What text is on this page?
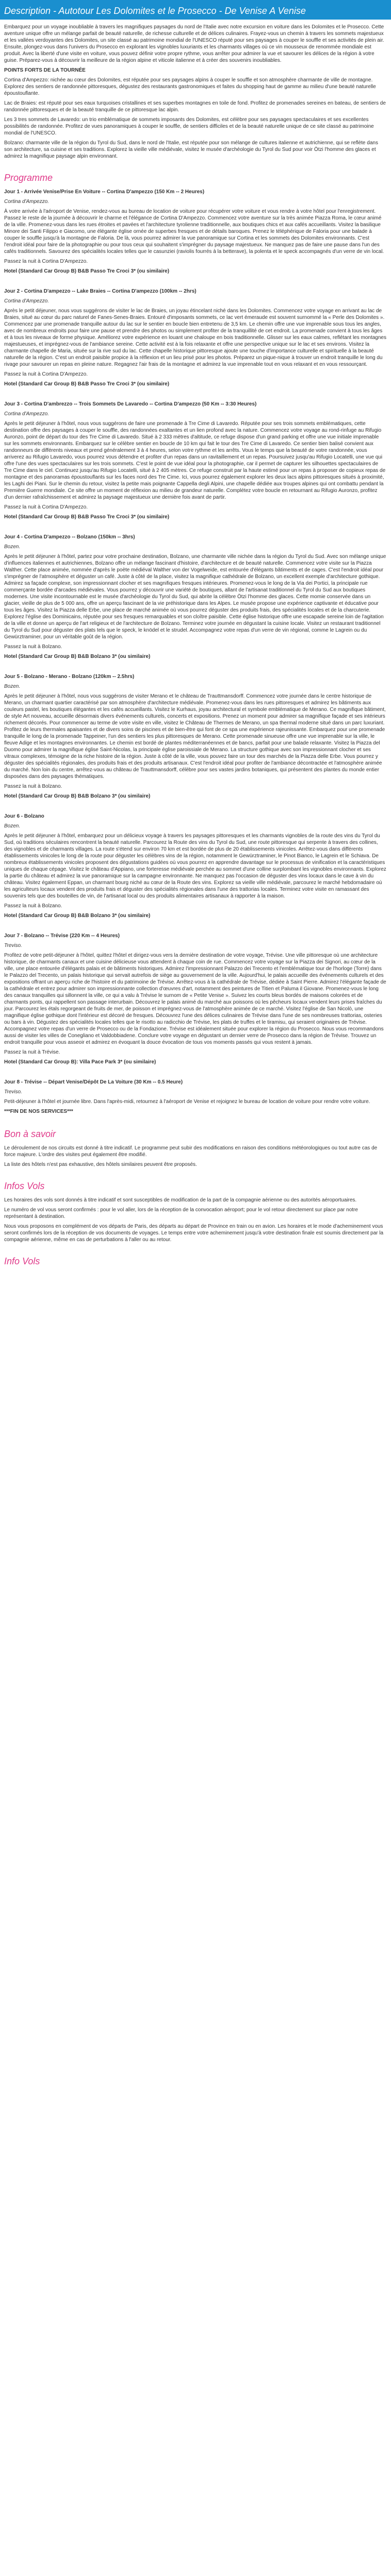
Description - Autotour Les Dolomites et le Prosecco - De Venise A Venise

Embarquez pour un voyage inoubliable à travers les magnifiques paysages du nord de l'Italie avec notre excursion en voiture dans les Dolomites et le Prosecco. Cette aventure unique offre un mélange parfait de beauté naturelle, de richesse culturelle et de délices culinaires. Frayez-vous un chemin à travers les sommets majestueux et les vallées verdoyantes des Dolomites, un site classé au patrimoine mondial de l'UNESCO réputé pour ses paysages à couper le souffle et ses activités de plein air. Ensuite, plongez-vous dans l'univers du Prosecco en explorant les vignobles luxuriants et les charmants villages où ce vin mousseux de renommée mondiale est produit. Avec la liberté d'une visite en voiture, vous pouvez définir votre propre rythme, vous arrêter pour admirer la vue et savourer les délices de la région à votre guise. Préparez-vous à découvrir la meilleure de la région alpine et viticole italienne et à créer des souvenirs inoubliables.

POINTS FORTS DE LA TOURNÉE

Cortina d'Ampezzo: nichée au cœur des Dolomites, est réputée pour ses paysages alpins à couper le souffle et son atmosphère charmante de ville de montagne. Explorez des sentiers de randonnée pittoresques, dégustez des restaurants gastronomiques et faites du shopping haut de gamme au milieu d'une beauté naturelle époustouflante.

Lac de Braies: est réputé pour ses eaux turquoises cristallines et ses superbes montagnes en toile de fond. Profitez de promenades sereines en bateau, de sentiers de randonnée pittoresques et de la beauté tranquille de ce pittoresque lac alpin.

Les 3 tres sommets de Lavaredo: un trio emblématique de sommets imposants des Dolomites, est célèbre pour ses paysages spectaculaires et ses excellentes possibilités de randonnée. Profitez de vues panoramiques à couper le souffle, de sentiers difficiles et de la beauté naturelle unique de ce site classé au patrimoine mondial de l'UNESCO.

Bolzano: charmante ville de la région du Tyrol du Sud, dans le nord de l'Italie, est réputée pour son mélange de cultures italienne et autrichienne, qui se reflète dans son architecture, sa cuisine et ses traditions. Explorez la vieille ville médiévale, visitez le musée d'archéologie du Tyrol du Sud pour voir Ötzi l'homme des glaces et admirez la magnifique paysage alpin environnant.

Programme

Jour 1 - Arrivée Venise/Prise En Voiture -- Cortina D'ampezzo (150 Km -- 2 Heures)

Cortina d'Ampezzo.

À votre arrivée à l'aéroport de Venise, rendez-vous au bureau de location de voiture pour récupérer votre voiture et vous rendre à votre hôtel pour l'enregistrement. Passez le reste de la journée à découvrir le charme et l'élégance de Cortina D'Ampezzo. Commencez votre aventure sur la très animée Piazza Roma, le cœur animé de la ville. Promenez-vous dans les rues étroites et pavées et l'architecture tyrolienne traditionnelle, aux boutiques chics et aux cafés accueillants. Visitez la basilique Minore dei Santi Filippo e Giacomo, une élégante église ornée de superbes fresques et de détails baroques. Prenez le téléphérique de Faloria pour une balade à couper le souffle jusqu'à la montagne de Faloria. De là, vous pourrez admirer la vue panoramique sur Cortina et les sommets des Dolomites environnants. C'est l'endroit idéal pour faire de la photographie ou pour tous ceux qui souhaitent s'imprégner du paysage majestueux. Ne manquez pas de faire une pause dans l'un des cafés traditionnels. Savourez des spécialités locales telles que le casunziei (raviolis fourrés à la betterave), la polenta et le speck accompagnés d'un verre de vin local.

Passez la nuit à Cortina D'Ampezzo.

Hotel (Standard Car Group B) B&B Passo Tre Croci 3* (ou similaire)

Jour 2 - Cortina D'ampezzo -- Lake Braies -- Cortina D'ampezzo (100km -- 2hrs)

Cortina d'Ampezzo.

Après le petit déjeuner, nous vous suggérons de visiter le lac de Braies, un joyau étincelant niché dans les Dolomites. Commencez votre voyage en arrivant au lac de Braies, situé au cœur du parc naturel de Fanes-Senes-Braies. Entouré d'imposants sommets, ce lac vert émeraude est souvent surnommé la « Perle des Dolomites ». Commencez par une promenade tranquille autour du lac sur le sentier en boucle bien entretenu de 3,5 km. Le chemin offre une vue imprenable sous tous les angles, avec de nombreux endroits pour faire une pause et prendre des photos ou simplement profiter de la tranquillité de cet endroit. La promenade convient à tous les âges et à tous les niveaux de forme physique. Améliorez votre expérience en louant une chaloupe en bois traditionnelle. Glisser sur les eaux calmes, reflétant les montagnes majestueuses, et imprégnez-vous de l'ambiance sereine. Cette activité est à la fois relaxante et offre une perspective unique sur le lac et ses environs. Visitez la charmante chapelle de Maria, située sur la rive sud du lac. Cette chapelle historique pittoresque ajoute une touche d'importance culturelle et spirituelle à la beauté naturelle de la région. C'est un endroit paisible propice à la réflexion et un lieu prisé pour les photos. Préparez un pique-nique à trouver un endroit tranquille le long du rivage pour savourer un repas en pleine nature. Regagnez l'air frais de la montagne et admirez la vue imprenable tout en vous relaxant et en vous ressourçant.

Passez la nuit à Cortina D'Ampezzo.

Hotel (Standard Car Group B) B&B Passo Tre Croci 3* (ou similaire)

Jour 3 - Cortina D'ambrezzo -- Trois Sommets De Lavaredo -- Cortina D'ampezzo (50 Km -- 3:30 Heures)

Cortina d'Ampezzo.

Après le petit déjeuner à l'hôtel, nous vous suggérons de faire une promenade à Tre Cime di Lavaredo. Réputée pour ses trois sommets emblématiques, cette destination offre des paysages à couper le souffle, des randonnées exaltantes et un lien profond avec la nature. Commencez votre voyage au rond-rinfuge au Rifugio Auronzo, point de départ du tour des Tre Cime di Lavaredo. Situé à 2 333 mètres d'altitude, ce refuge dispose d'un grand parking et offre une vue initiale imprenable sur les sommets environnants. Embarquez sur le célèbre sentier en boucle de 10 km qui fait le tour des Tre Cime di Lavaredo. Ce sentier bien balisé convient aux randonneurs de différents niveaux et prend généralement 3 à 4 heures, selon votre rythme et les arrêts. Vous le temps que la beauté de votre randonnée, vous arriverez au Rifugio Lavaredo, vous pourrez vous détendre et profiter d'un repas dans un ravitaillement et un repas. Poursuivez jusqu'au Rifugio Locatelli, une vue qui offre l'une des vues spectaculaires sur les trois sommets. C'est le point de vue idéal pour la photographie, car il permet de capturer les silhouettes spectaculaires de Tre Cime dans le ciel. Continuez jusqu'au Rifugio Locatelli, situé à 2 405 mètres. Ce refuge construit par la haute estimé pour un repas à proposer de copieux repas de montagne et des panoramas époustouflants sur les faces nord des Tre Cime. Ici, vous pourrez également explorer les deux lacs alpins pittoresques situés à proximité, les Laghi dei Piani. Sur le chemin du retour, visitez la petite mais poignante Cappella degli Alpini, une chapelle dédiée aux troupes alpines qui ont combattu pendant la Première Guerre mondiale. Ce site offre un moment de réflexion au milieu de grandeur naturelle. Complétez votre boucle en retournant au Rifugio Auronzo, profitez d'un dernier rafraîchissement et admirez la paysage majestueux une dernière fois avant de partir.

Passez la nuit à Cortina D'Ampezzo.

Hotel (Standard Car Group B) B&B Passo Tre Croci 3* (ou similaire)

Jour 4 - Cortina D'ampezzo -- Bolzano (150km -- 3hrs)

Bozen.

Après le petit déjeuner à l'hôtel, partez pour votre prochaine destination, Bolzano, une charmante ville nichée dans la région du Tyrol du Sud. Avec son mélange unique d'influences italiennes et autrichiennes, Bolzano offre un mélange fascinant d'histoire, d'architecture et de beauté naturelle. Commencez votre visite sur la Piazza Walther. Cette place animée, nommée d'après le poète médiéval Walther von der Vogelweide, est entourée d'élégants bâtiments et de cages. C'est l'endroit idéal pour s'imprégner de l'atmosphère et déguster un café. Juste à côté de la place, visitez la magnifique cathédrale de Bolzano, un excellent exemple d'architecture gothique. Admirez sa façade complexe, son impressionnant clocher et ses magnifiques fresques intérieures. Promenez-vous le long de la Via dei Portici, la principale rue commerçante bordée d'arcades médiévales. Vous pourrez y découvrir une variété de boutiques, allant de l'artisanat traditionnel du Tyrol du Sud aux boutiques modernes. Une visite incontournable est le musée d'archéologie du Tyrol du Sud, qui abrite la célèbre Ötzi l'homme des glaces. Cette momie conservée dans un glacier, vieille de plus de 5 000 ans, offre un aperçu fascinant de la vie préhistorique dans les Alpes. Le musée propose une expérience captivante et éducative pour tous les âges. Visitez la Piazza delle Erbe, une place de marché animée où vous pourrez déguster des produits frais, des spécialités locales et de la charcuterie. Explorez l'église des Dominicains, réputée pour ses fresques remarquables et son cloître paisible. Cette église historique offre une escapade sereine loin de l'agitation de la ville et donne un aperçu de l'art religieux et de l'architecture de Bolzano. Terminez votre journée en dégustant la cuisine locale. Visitez un restaurant traditionnel du Tyrol du Sud pour déguster des plats tels que le speck, le knödel et le strudel. Accompagnez votre repas d'un verre de vin régional, comme le Lagrein ou du Gewürztraminer, pour un véritable goût de la région.

Passez la nuit à Bolzano.

Hotel (Standard Car Group B) B&B Bolzano 3* (ou similaire)

Jour 5 - Bolzano - Merano - Bolzano (120km -- 2.5hrs)

Bozen.

Après le petit déjeuner à l'hôtel, nous vous suggérons de visiter Merano et le château de Trauttmansdorff. Commencez votre journée dans le centre historique de Merano, un charmant quartier caractérisé par son atmosphère d'architecture médiévale. Promenez-vous dans les rues pittoresques et admirez les bâtiments aux couleurs pastel, les boutiques élégantes et les cafés accueillants. Visitez le Kurhaus, joyau architectural et symbole emblématique de Merano. Ce magnifique bâtiment, de style Art nouveau, accueille désormais divers événements culturels, concerts et expositions. Prenez un moment pour admirer sa magnifique façade et ses intérieurs richement décorés. Pour commencer au terme de votre visite en ville, visitez le Château de Thermes de Merano, un spa thermal moderne situé dans un parc luxuriant. Profitez de leurs thermales apaisantes et de divers soins de piscines et de bien-être qui font de ce spa une expérience rajeunissante. Embarquez pour une promenade tranquille le long de la promenade Tappeiner, l'un des sentiers les plus pittoresques de Merano. Cette promenade sinueuse offre une vue imprenable sur la ville, le fleuve Adige et les montagnes environnantes. Le chemin est bordé de plantes méditerranéennes et de bancs, parfait pour une balade relaxante. Visitez la Piazza del Duomo pour admirer la magnifique église Saint-Nicolas, la principale église paroissiale de Merano. La structure gothique avec son impressionnant clocher et ses vitraux complexes, témoigne de la riche histoire de la région. Juste à côté de la ville, vous pouvez faire un tour des marchés de la Piazza delle Erbe. Vous pourrez y déguster des spécialités régionales, des produits frais et des produits artisanaux. C'est l'endroit idéal pour profiter de l'ambiance décontractée et l'atmosphère animée du marché. Non loin du centre, arrêtez-vous au château de Trauttmansdorff, célèbre pour ses vastes jardins botaniques, qui présentent des plantes du monde entier disposées dans des paysages thématiques.

Passez la nuit à Bolzano.

Hotel (Standard Car Group B) B&B Bolzano 3* (ou similaire)

Jour 6 - Bolzano

Bozen.

Après le petit déjeuner à l'hôtel, embarquez pour un délicieux voyage à travers les paysages pittoresques et les charmants vignobles de la route des vins du Tyrol du Sud, où traditions séculaires rencontrent la beauté naturelle. Parcourez la Route des vins du Tyrol du Sud, une route pittoresque qui serpente à travers des collines, des vignobles et de charmants villages. La route s'étend sur environ 70 km et est bordée de plus de 20 établissements vinicoles. Arrêtez-vous dans différents établissements vinicoles le long de la route pour déguster les célèbres vins de la région, notamment le Gewürztraminer, le Pinot Bianco, le Lagrein et le Schiava. De nombreux établissements vinicoles proposent des dégustations guidées où vous pourrez en apprendre davantage sur le processus de vinification et la caractéristiques uniques de chaque cépage. Visitez le château d'Appiano, une forteresse médiévale perchée au sommet d'une colline surplombant les vignobles environnants. Explorez la partie du château et admirez la vue panoramique sur la campagne environnante. Ne manquez pas l'occasion de déguster des vins locaux dans le cave à vin du château. Visitez également Eppan, un charmant bourg niché au cœur de la Route des vins. Explorez sa vieille ville médiévale, parcourez le marché hebdomadaire où les agriculteurs locaux vendent des produits frais et déguster des spécialités régionales dans l'une des trattorias locales. Terminez votre visite en ramassant des souvenirs tels que des bouteilles de vin, de l'artisanat local ou des produits alimentaires artisanaux à rapporter à la maison.

Passez la nuit à Bolzano.

Hotel (Standard Car Group B) B&B Bolzano 3* (ou similaire)

Jour 7 - Bolzano -- Trévise (220 Km -- 4 Heures)

Treviso.

Profitez de votre petit-déjeuner à l'hôtel, quittez l'hôtel et dirigez-vous vers la dernière destination de votre voyage, Trévise. Une ville pittoresque où une architecture historique, de charmants canaux et une cuisine délicieuse vous attendent à chaque coin de rue. Commencez votre voyage sur la Piazza dei Signori, au cœur de la ville, une place entourée d'élégants palais et de bâtiments historiques. Admirez l'impressionnant Palazzo dei Trecento et l'emblématique tour de l'horloge (Torre) dans le Palazzo del Trecento, un palais historique qui servait autrefois de siège au gouvernement de la ville. Aujourd'hui, le palais accueille des événements culturels et des expositions offrant un aperçu riche de l'histoire et du patrimoine de Trévise. Arrêtez-vous à la cathédrale de Trévise, dédiée à Saint Pierre. Admirez l'élégante façade de la cathédrale et entrez pour admirer son impressionnante collection d'œuvres d'art, notamment des peintures de Titien et Paluma il Giovane. Promenez-vous le long des canaux tranquilles qui sillonnent la ville, ce qui a valu à Trévise le surnom de « Petite Venise ». Suivez les courts bleus bordés de maisons colorées et de charmants ponts, qui rappellent son passage interurbain. Découvrez le palais animé du marché aux poissons où les pêcheurs locaux vendent leurs prises fraîches du jour. Parcourez les étals regorgeant de fruits de mer, de poisson et imprégnez-vous de l'atmosphère animée de ce marché. Visitez l'église de San Nicolò, une magnifique église gothique dont l'intérieur est décoré de fresques. Découvrez l'une des délices culinaires de Trévise dans l'une de ses nombreuses trattorias, osteries ou bars à vin. Dégustez des spécialités locales telles que le risotto au radicchio de Trévise, les plats de truffes et le tiramisu, qui seraient originaires de Trévise. Accompagnez votre repas d'un verre de Prosecco ou de la Fondazione. Trévise est idéalement située pour explorer la région du Prosecco. Nous vous recommandons aussi de visiter les villes de Conegliano et Valdobbiadene. Conclure votre voyage en dégustant un dernier verre de Prosecco dans la région de Trévise. Trouvez un endroit tranquille pour vous asseoir et admirez en évoquant la douce évocation de tous vos moments passés qui vous restent à jamais.

Passez la nuit à Trévise.

Hotel (Standard Car Group B): Villa Pace Park 3* (ou similaire)

Jour 8 - Trévise -- Départ Venise/Dépôt De La Voiture (30 Km -- 0.5 Heure)

Treviso.

Petit-déjeuner à l'hôtel et journée libre. Dans l'après-midi, retournez à l'aéroport de Venise et rejoignez le bureau de location de voiture pour rendre votre voiture.

***FIN DE NOS SERVICES***

Bon à savoir

Le déroulement de nos circuits est donné à titre indicatif. Le programme peut subir des modifications en raison des conditions météorologiques ou tout autre cas de force majeure. L'ordre des visites peut également être modifié.

La liste des hôtels n'est pas exhaustive, des hôtels similaires peuvent être proposés.

Infos Vols

Les horaires des vols sont donnés à titre indicatif et sont susceptibles de modification de la part de la compagnie aérienne ou des autorités aéroportuaires.

Le numéro de vol vous seront confirmés : pour le vol aller, lors de la réception de la convocation aéroport; pour le vol retour directement sur place par notre représentant à destination.

Nous vous proposons en complément de vos départs de Paris, des départs au départ de Province en train ou en avion. Les horaires et le mode d'acheminement vous seront confirmés lors de la réception de vos documents de voyages. Le temps entre votre acheminement jusqu'à votre destination finale est soumis directement par la compagnie aérienne, même en cas de perturbations à l'aller ou au retour.

Info Vols
